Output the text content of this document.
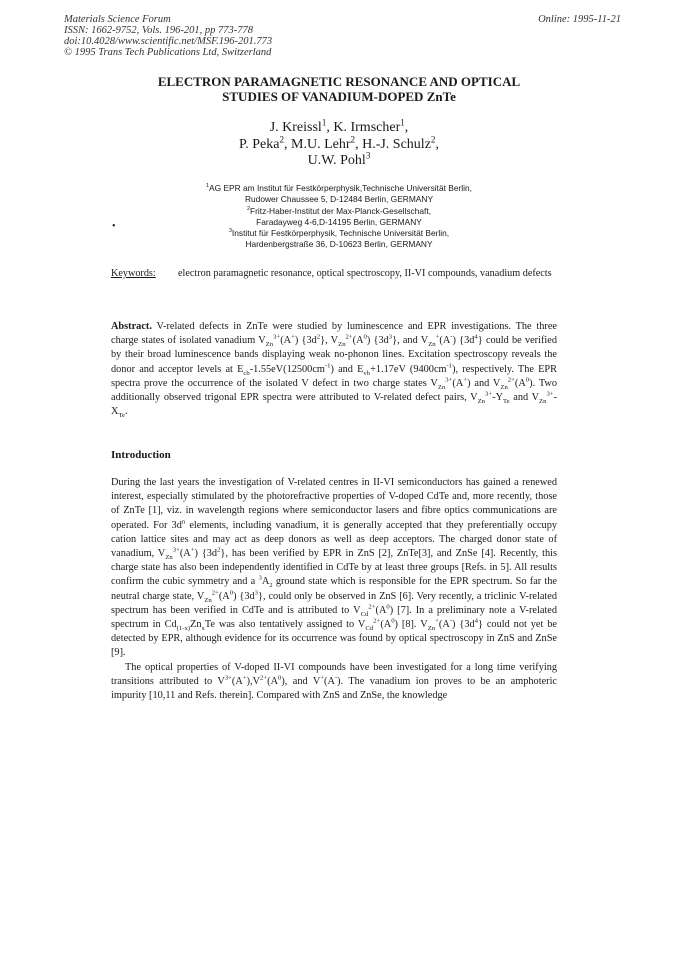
Materials Science Forum
ISSN: 1662-9752, Vols. 196-201, pp 773-778
doi:10.4028/www.scientific.net/MSF.196-201.773
© 1995 Trans Tech Publications Ltd, Switzerland
Online: 1995-11-21
ELECTRON PARAMAGNETIC RESONANCE AND OPTICAL
STUDIES OF VANADIUM-DOPED ZnTe
J. Kreissl$^1$, K. Irmscher$^1$,
P. Peka$^2$, M.U. Lehr$^2$, H.-J. Schulz$^2$,
U.W. Pohl$^3$
$^1$AG EPR am Institut für Festkörperphysik,Technische Universität Berlin,
Rudower Chaussee 5, D-12484 Berlin, GERMANY
$^2$Fritz-Haber-Institut der Max-Planck-Gesellschaft,
Faradayweg 4-6,D-14195 Berlin, GERMANY
$^3$Institut für Festkörperphysik, Technische Universität Berlin,
Hardenbergstraße 36, D-10623 Berlin, GERMANY
•
Keywords: electron paramagnetic resonance, optical spectroscopy, II-VI compounds, vanadium defects
Abstract. V-related defects in ZnTe were studied by luminescence and EPR investigations. The three charge states of isolated vanadium $V_{Zn}^{3+}(A^+)$ $\{3d^2\}$, $V_{Zn}^{2+}(A^0)$ $\{3d^3\}$, and $V_{Zn}^+(A^-)$ $\{3d^4\}$ could be verified by their broad luminescence bands displaying weak no-phonon lines. Excitation spectroscopy reveals the donor and acceptor levels at $E_{cb}-1.55eV(12500cm^{-1})$ and $E_{vb}+1.17eV$ $(9400cm^{-1})$, respectively. The EPR spectra prove the occurrence of the isolated V defect in two charge states $V_{Zn}^{3+}(A^+)$ and $V_{Zn}^{2+}(A^0)$. Two additionally observed trigonal EPR spectra were attributed to V-related defect pairs, $V_{Zn}^{3+}-Y_{Te}$ and $V_{Zn}^{3+}-X_{Te}$.
Introduction
During the last years the investigation of V-related centres in II-VI semiconductors has gained a renewed interest, especially stimulated by the photorefractive properties of V-doped CdTe and, more recently, those of ZnTe [1], viz. in wavelength regions where semiconductor lasers and fibre optics communications are operated. For $3d^n$ elements, including vanadium, it is generally accepted that they preferentially occupy cation lattice sites and may act as deep donors as well as deep acceptors. The charged donor state of vanadium, $V_{Zn}^{3+}(A^+)$ $\{3d^2\}$, has been verified by EPR in ZnS [2], ZnTe[3], and ZnSe [4]. Recently, this charge state has also been independently identified in CdTe by at least three groups [Refs. in 5]. All results confirm the cubic symmetry and a $^3A_2$ ground state which is responsible for the EPR spectrum. So far the neutral charge state, $V_{Zn}^{2+}(A^0)$ $\{3d^3\}$, could only be observed in ZnS [6]. Very recently, a triclinic V-related spectrum has been verified in CdTe and is attributed to $V_{Cd}^{2+}(A^0)$ [7]. In a preliminary note a V-related spectrum in $Cd_{(1-x)}Zn_xTe$ was also tentatively assigned to $V_{Cd}^{2+}(A^0)$ [8]. $V_{Zn}^+(A^-)$ $\{3d^4\}$ could not yet be detected by EPR, although evidence for its occurrence was found by optical spectroscopy in ZnS and ZnSe [9].
The optical properties of V-doped II-VI compounds have been investigated for a long time verifying transitions attributed to $V^{3+}(A^+),V^{2+}(A^0)$, and V+(A-). The vanadium ion proves to be an amphoteric impurity [10,11 and Refs. therein]. Compared with ZnS and ZnSe, the knowledge
